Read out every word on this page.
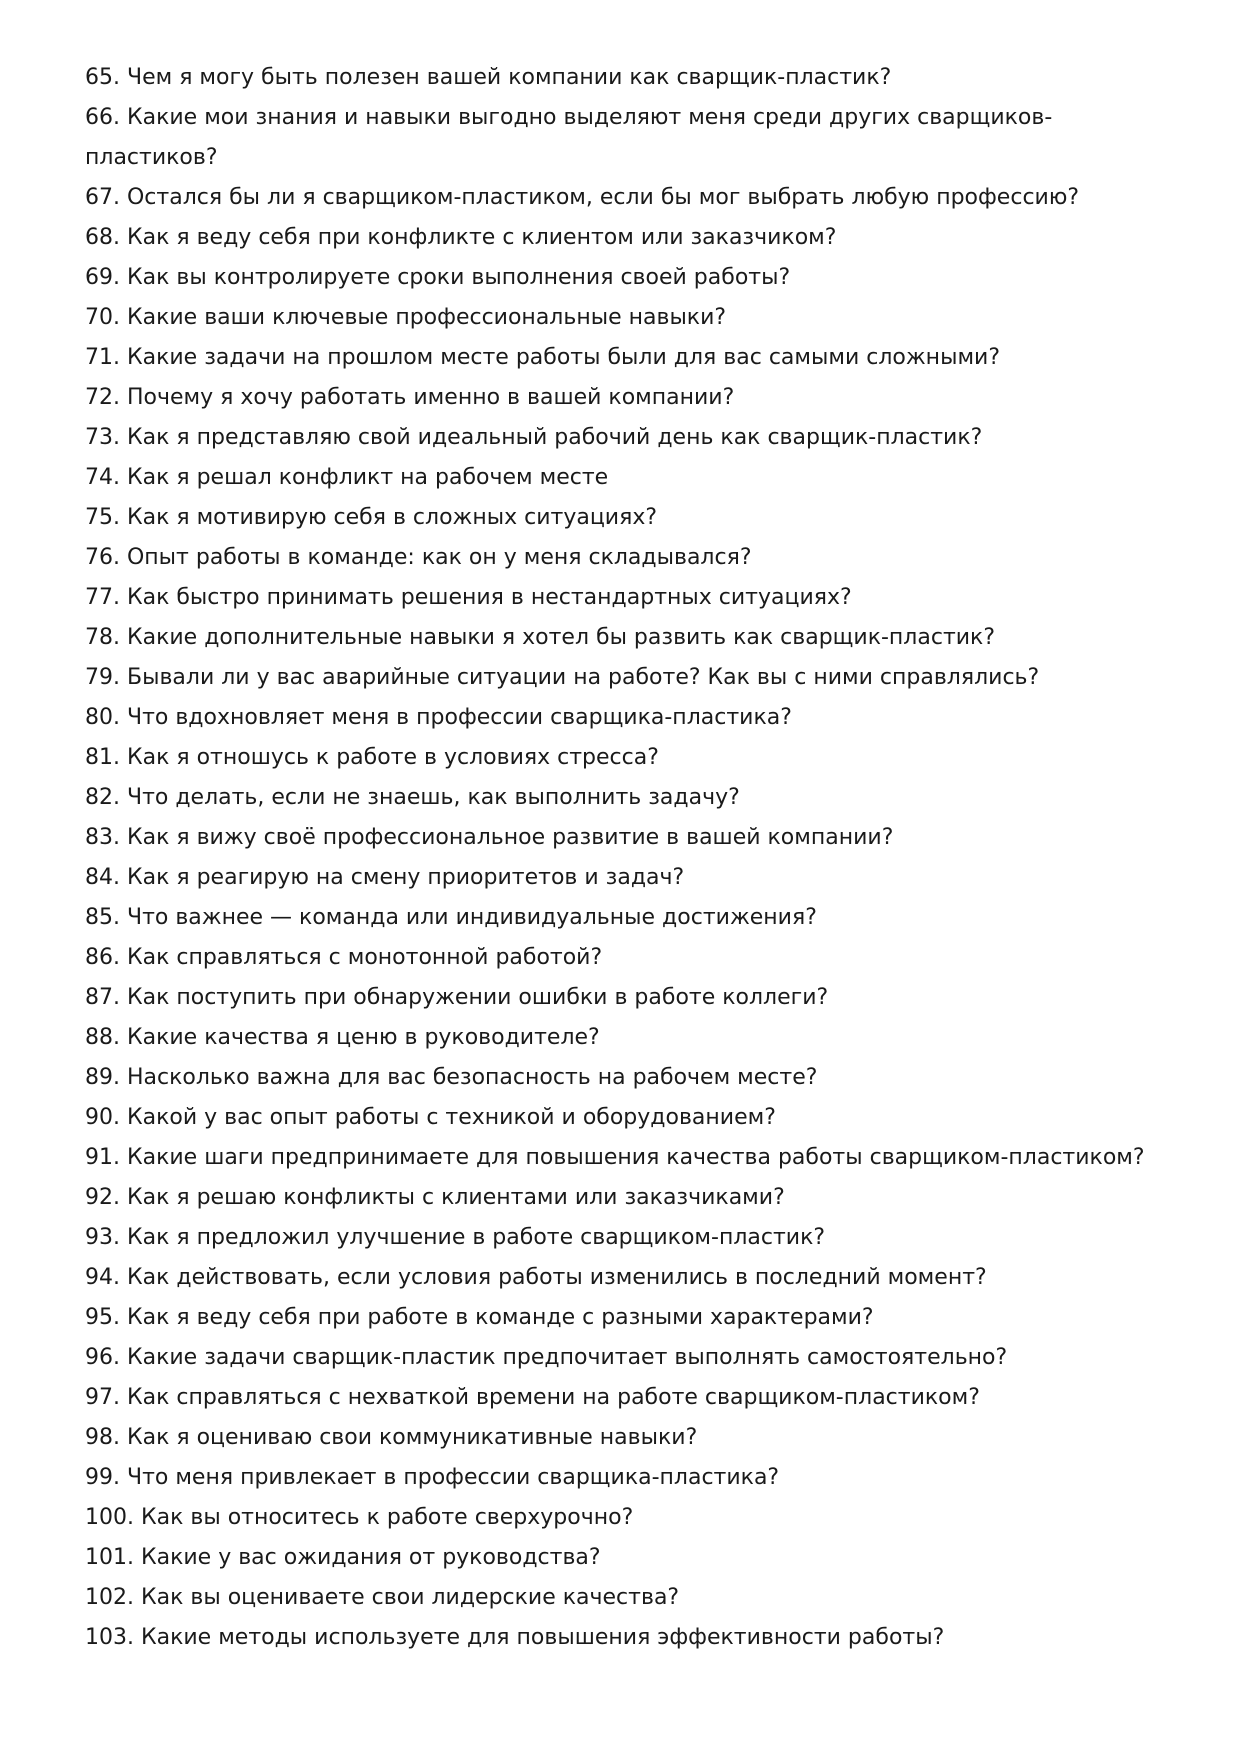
65. Чем я могу быть полезен вашей компании как сварщик-пластик?

66. Какие мои знания и навыки выгодно выделяют меня среди других сварщиков-пластиков?

67. Остался бы ли я сварщиком-пластиком, если бы мог выбрать любую профессию?

68. Как я веду себя при конфликте с клиентом или заказчиком?

69. Как вы контролируете сроки выполнения своей работы?

70. Какие ваши ключевые профессиональные навыки?

71. Какие задачи на прошлом месте работы были для вас самыми сложными?

72. Почему я хочу работать именно в вашей компании?

73. Как я представляю свой идеальный рабочий день как сварщик-пластик?

74. Как я решал конфликт на рабочем месте

75. Как я мотивирую себя в сложных ситуациях?

76. Опыт работы в команде: как он у меня складывался?

77. Как быстро принимать решения в нестандартных ситуациях?

78. Какие дополнительные навыки я хотел бы развить как сварщик-пластик?

79. Бывали ли у вас аварийные ситуации на работе? Как вы с ними справлялись?

80. Что вдохновляет меня в профессии сварщика-пластика?

81. Как я отношусь к работе в условиях стресса?

82. Что делать, если не знаешь, как выполнить задачу?

83. Как я вижу своё профессиональное развитие в вашей компании?

84. Как я реагирую на смену приоритетов и задач?

85. Что важнее — команда или индивидуальные достижения?

86. Как справляться с монотонной работой?

87. Как поступить при обнаружении ошибки в работе коллеги?

88. Какие качества я ценю в руководителе?

89. Насколько важна для вас безопасность на рабочем месте?

90. Какой у вас опыт работы с техникой и оборудованием?

91. Какие шаги предпринимаете для повышения качества работы сварщиком-пластиком?

92. Как я решаю конфликты с клиентами или заказчиками?

93. Как я предложил улучшение в работе сварщиком-пластик?

94. Как действовать, если условия работы изменились в последний момент?

95. Как я веду себя при работе в команде с разными характерами?

96. Какие задачи сварщик-пластик предпочитает выполнять самостоятельно?

97. Как справляться с нехваткой времени на работе сварщиком-пластиком?

98. Как я оцениваю свои коммуникативные навыки?

99. Что меня привлекает в профессии сварщика-пластика?

100. Как вы относитесь к работе сверхурочно?

101. Какие у вас ожидания от руководства?

102. Как вы оцениваете свои лидерские качества?

103. Какие методы используете для повышения эффективности работы?
